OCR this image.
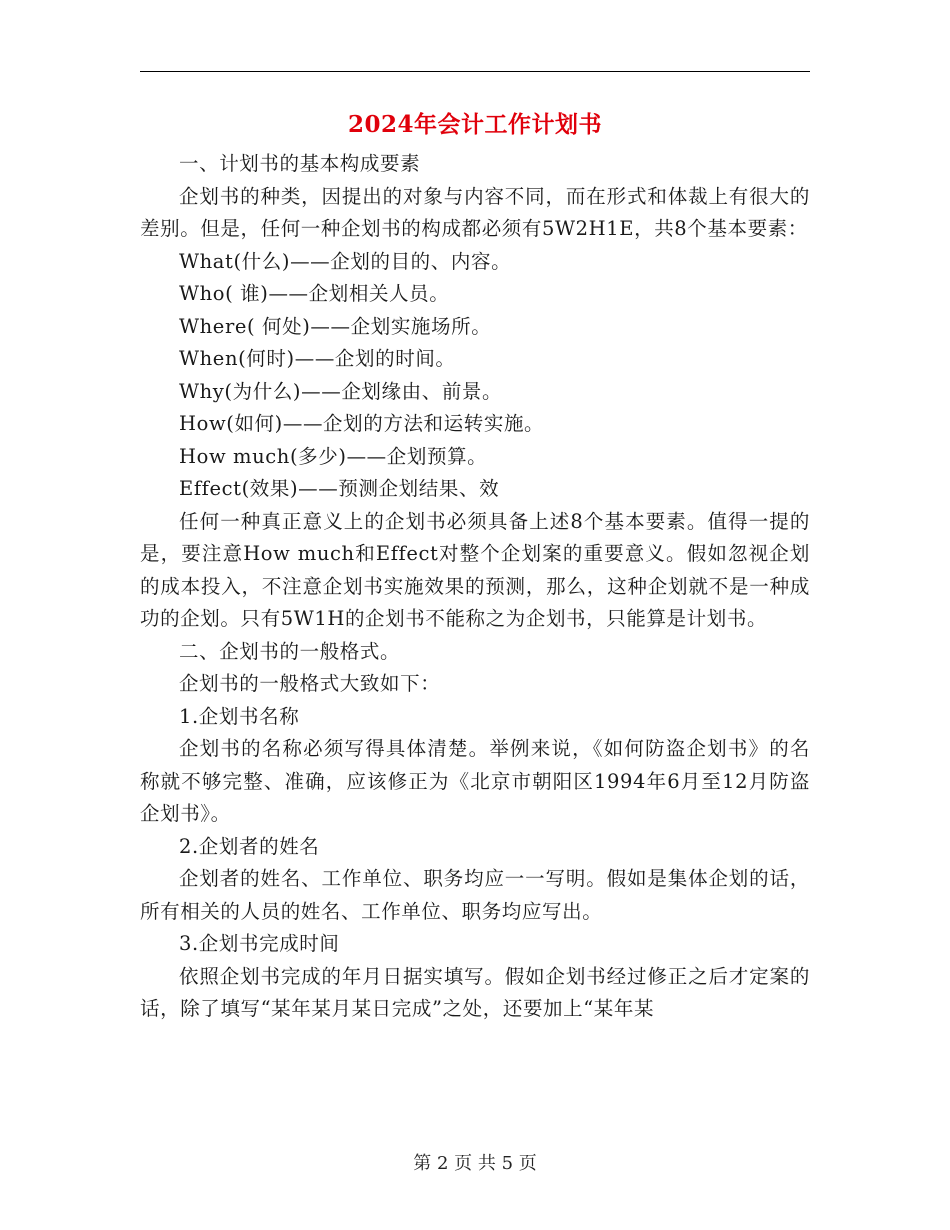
2024年会计工作计划书

一、计划书的基本构成要素

企划书的种类，因提出的对象与内容不同，而在形式和体裁上有很大的差别。但是，任何一种企划书的构成都必须有5W2H1E，共8个基本要素：

What(什么)——企划的目的、内容。

Who( 谁)——企划相关人员。

Where( 何处)——企划实施场所。

When(何时)——企划的时间。

Why(为什么)——企划缘由、前景。

How(如何)——企划的方法和运转实施。

How much(多少)——企划预算。

Effect(效果)——预测企划结果、效

任何一种真正意义上的企划书必须具备上述8个基本要素。值得一提的是，要注意How much和Effect对整个企划案的重要意义。假如忽视企划的成本投入，不注意企划书实施效果的预测，那么，这种企划就不是一种成功的企划。只有5W1H的企划书不能称之为企划书，只能算是计划书。

二、企划书的一般格式。

企划书的一般格式大致如下：

1.企划书名称

企划书的名称必须写得具体清楚。举例来说，《如何防盗企划书》的名称就不够完整、准确，应该修正为《北京市朝阳区1994年6月至12月防盗企划书》。

2.企划者的姓名

企划者的姓名、工作单位、职务均应一一写明。假如是集体企划的话，所有相关的人员的姓名、工作单位、职务均应写出。

3.企划书完成时间

依照企划书完成的年月日据实填写。假如企划书经过修正之后才定案的话，除了填写“某年某月某日完成”之处，还要加上“某年某

第 2 页 共 5 页
